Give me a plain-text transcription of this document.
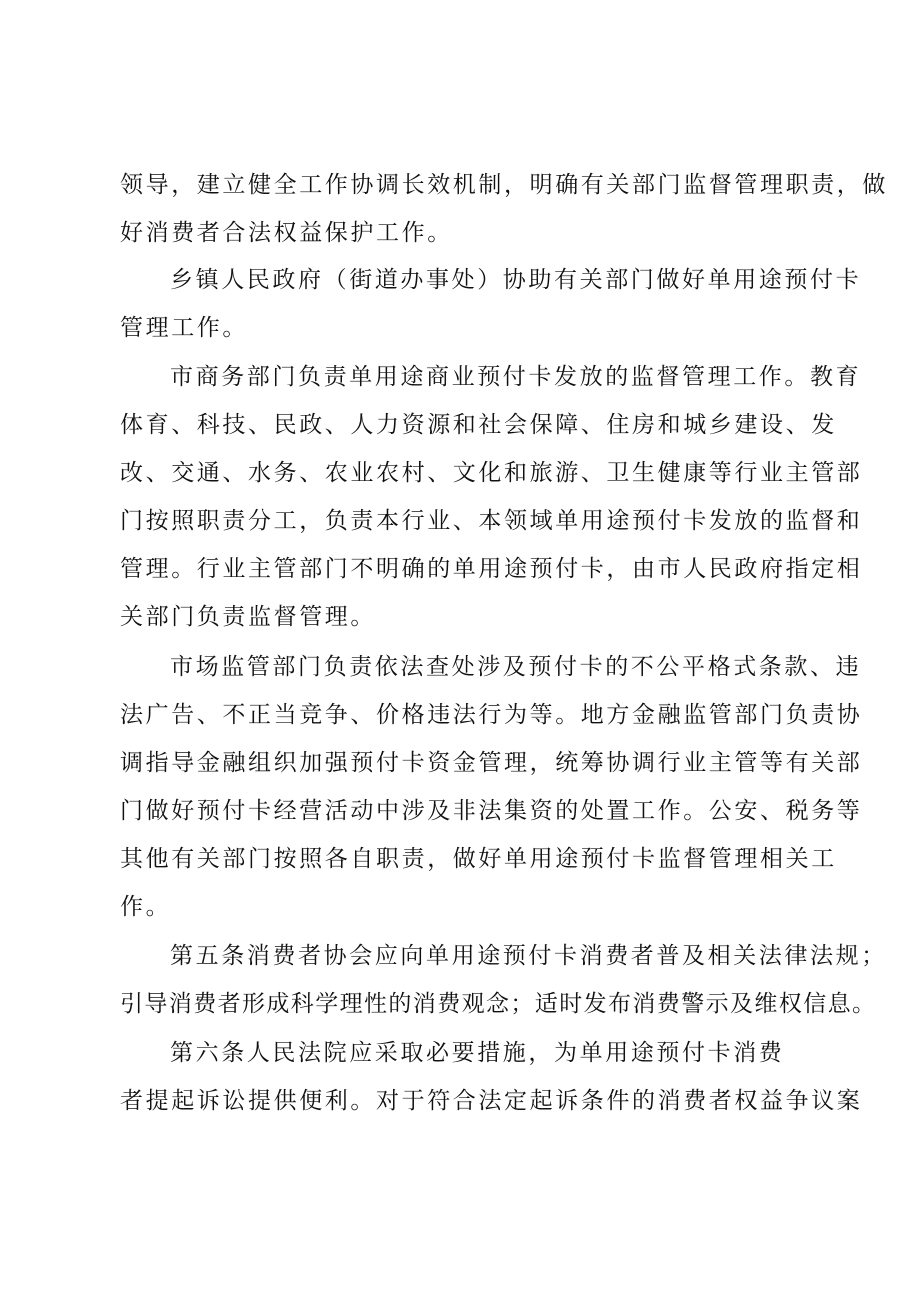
领导，建立健全工作协调长效机制，明确有关部门监督管理职责，做
好消费者合法权益保护工作。
乡镇人民政府（街道办事处）协助有关部门做好单用途预付卡
管理工作。
市商务部门负责单用途商业预付卡发放的监督管理工作。教育
体育、科技、民政、人力资源和社会保障、住房和城乡建设、发
改、交通、水务、农业农村、文化和旅游、卫生健康等行业主管部
门按照职责分工，负责本行业、本领域单用途预付卡发放的监督和
管理。行业主管部门不明确的单用途预付卡，由市人民政府指定相
关部门负责监督管理。
市场监管部门负责依法查处涉及预付卡的不公平格式条款、违
法广告、不正当竞争、价格违法行为等。地方金融监管部门负责协
调指导金融组织加强预付卡资金管理，统筹协调行业主管等有关部
门做好预付卡经营活动中涉及非法集资的处置工作。公安、税务等
其他有关部门按照各自职责，做好单用途预付卡监督管理相关工
作。
第五条消费者协会应向单用途预付卡消费者普及相关法律法规；
引导消费者形成科学理性的消费观念；适时发布消费警示及维权信息。
第六条人民法院应采取必要措施，为单用途预付卡消费
者提起诉讼提供便利。对于符合法定起诉条件的消费者权益争议案
